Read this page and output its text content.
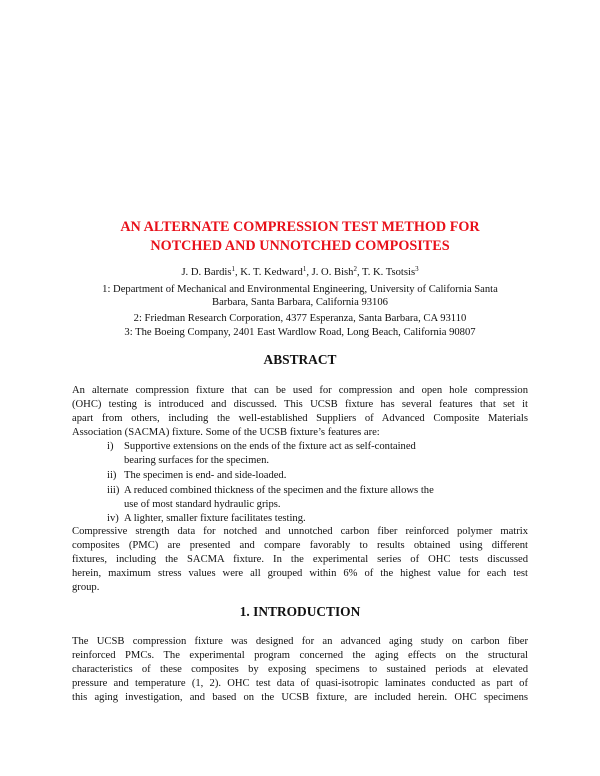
AN ALTERNATE COMPRESSION TEST METHOD FOR
NOTCHED AND UNNOTCHED COMPOSITES
J. D. Bardis$^1$, K. T. Kedward$^1$, J. O. Bish$^2$, T. K. Tsotsis$^3$
1: Department of Mechanical and Environmental Engineering, University of California Santa
Barbara, Santa Barbara, California 93106
2: Friedman Research Corporation, 4377 Esperanza, Santa Barbara, CA 93110
3: The Boeing Company, 2401 East Wardlow Road, Long Beach, California 90807
ABSTRACT
An alternate compression fixture that can be used for compression and open hole compression
(OHC) testing is introduced and discussed. This UCSB fixture has several features that set it
apart from others, including the well-established Suppliers of Advanced Composite Materials
Association (SACMA) fixture. Some of the UCSB fixture’s features are:
i) Supportive extensions on the ends of the fixture act as self-contained
bearing surfaces for the specimen.
ii) The specimen is end- and side-loaded.
iii) A reduced combined thickness of the specimen and the fixture allows the
use of most standard hydraulic grips.
iv) A lighter, smaller fixture facilitates testing.
Compressive strength data for notched and unnotched carbon fiber reinforced polymer matrix
composites (PMC) are presented and compare favorably to results obtained using different
fixtures, including the SACMA fixture. In the experimental series of OHC tests discussed
herein, maximum stress values were all grouped within 6% of the highest value for each test
group.
1. INTRODUCTION
The UCSB compression fixture was designed for an advanced aging study on carbon fiber
reinforced PMCs. The experimental program concerned the aging effects on the structural
characteristics of these composites by exposing specimens to sustained periods at elevated
pressure and temperature (1, 2). OHC test data of quasi-isotropic laminates conducted as part of
this aging investigation, and based on the UCSB fixture, are included herein. OHC specimens
